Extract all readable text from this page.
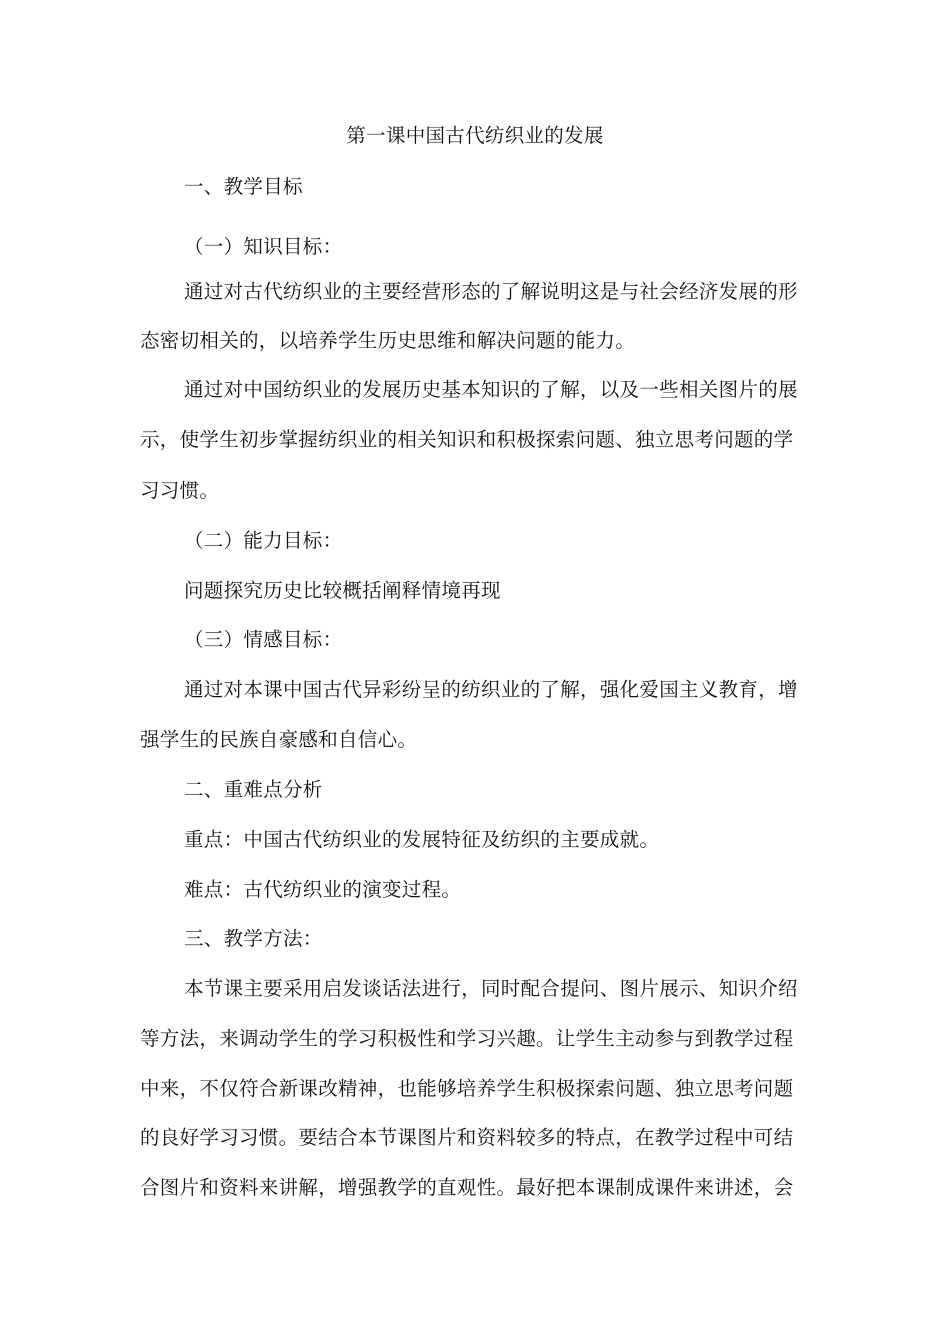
第一课中国古代纺织业的发展
一、教学目标
（一）知识目标：
通过对古代纺织业的主要经营形态的了解说明这是与社会经济发展的形
态密切相关的，以培养学生历史思维和解决问题的能力。
通过对中国纺织业的发展历史基本知识的了解，以及一些相关图片的展
示，使学生初步掌握纺织业的相关知识和积极探索问题、独立思考问题的学
习习惯。
（二）能力目标：
问题探究历史比较概括阐释情境再现
（三）情感目标：
通过对本课中国古代异彩纷呈的纺织业的了解，强化爱国主义教育，增
强学生的民族自豪感和自信心。
二、重难点分析
重点：中国古代纺织业的发展特征及纺织的主要成就。
难点：古代纺织业的演变过程。
三、教学方法：
本节课主要采用启发谈话法进行，同时配合提问、图片展示、知识介绍
等方法，来调动学生的学习积极性和学习兴趣。让学生主动参与到教学过程
中来，不仅符合新课改精神，也能够培养学生积极探索问题、独立思考问题
的良好学习习惯。要结合本节课图片和资料较多的特点，在教学过程中可结
合图片和资料来讲解，增强教学的直观性。最好把本课制成课件来讲述，会
